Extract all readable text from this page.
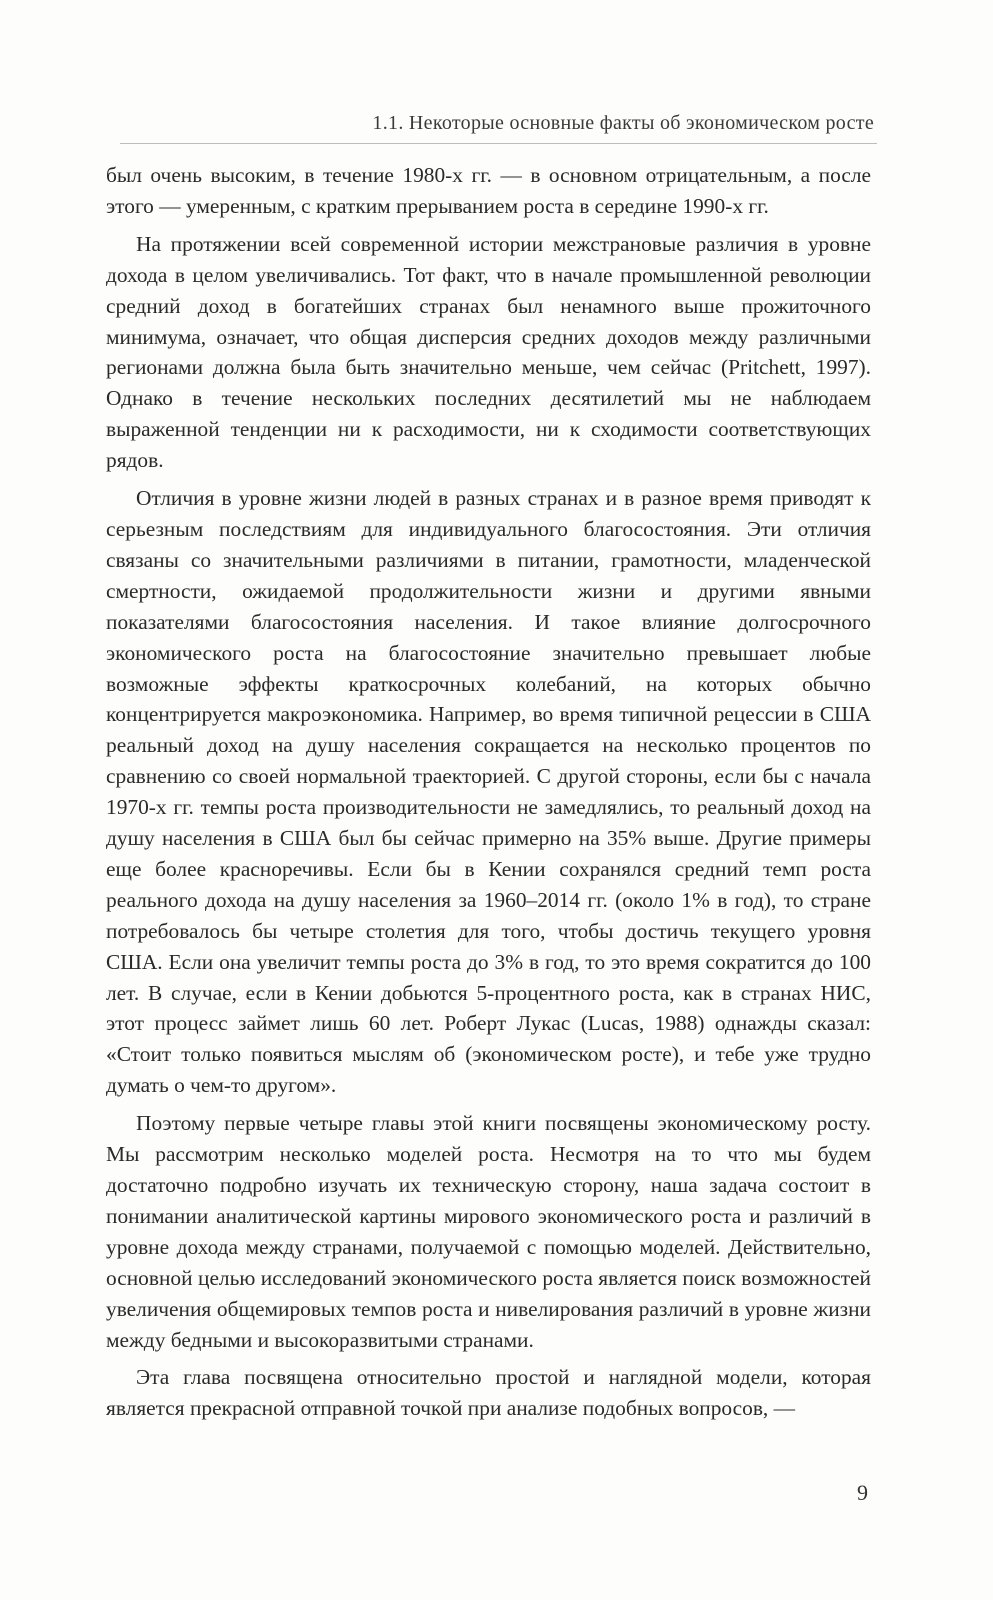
1.1. Некоторые основные факты об экономическом росте

был очень высоким, в течение 1980-х гг. — в основном отрицательным, а после этого — умеренным, с кратким прерыванием роста в середине 1990-х гг.

На протяжении всей современной истории межстрановые различия в уровне дохода в целом увеличивались. Тот факт, что в начале промышленной революции средний доход в богатейших странах был ненамного выше прожиточного минимума, означает, что общая дисперсия средних доходов между различными регионами должна была быть значительно меньше, чем сейчас (Pritchett, 1997). Однако в течение нескольких последних десятилетий мы не наблюдаем выраженной тенденции ни к расходимости, ни к сходимости соответствующих рядов.

Отличия в уровне жизни людей в разных странах и в разное время приводят к серьезным последствиям для индивидуального благосостояния. Эти отличия связаны со значительными различиями в питании, грамотности, младенческой смертности, ожидаемой продолжительности жизни и другими явными показателями благосостояния населения. И такое влияние долгосрочного экономического роста на благосостояние значительно превышает любые возможные эффекты краткосрочных колебаний, на которых обычно концентрируется макроэкономика. Например, во время типичной рецессии в США реальный доход на душу населения сокращается на несколько процентов по сравнению со своей нормальной траекторией. С другой стороны, если бы с начала 1970-х гг. темпы роста производительности не замедлялись, то реальный доход на душу населения в США был бы сейчас примерно на 35% выше. Другие примеры еще более красноречивы. Если бы в Кении сохранялся средний темп роста реального дохода на душу населения за 1960–2014 гг. (около 1% в год), то стране потребовалось бы четыре столетия для того, чтобы достичь текущего уровня США. Если она увеличит темпы роста до 3% в год, то это время сократится до 100 лет. В случае, если в Кении добьются 5-процентного роста, как в странах НИС, этот процесс займет лишь 60 лет. Роберт Лукас (Lucas, 1988) однажды сказал: «Стоит только появиться мыслям об (экономическом росте), и тебе уже трудно думать о чем-то другом».

Поэтому первые четыре главы этой книги посвящены экономическому росту. Мы рассмотрим несколько моделей роста. Несмотря на то что мы будем достаточно подробно изучать их техническую сторону, наша задача состоит в понимании аналитической картины мирового экономического роста и различий в уровне дохода между странами, получаемой с помощью моделей. Действительно, основной целью исследований экономического роста является поиск возможностей увеличения общемировых темпов роста и нивелирования различий в уровне жизни между бедными и высокоразвитыми странами.

Эта глава посвящена относительно простой и наглядной модели, которая является прекрасной отправной точкой при анализе подобных вопросов, —

9
